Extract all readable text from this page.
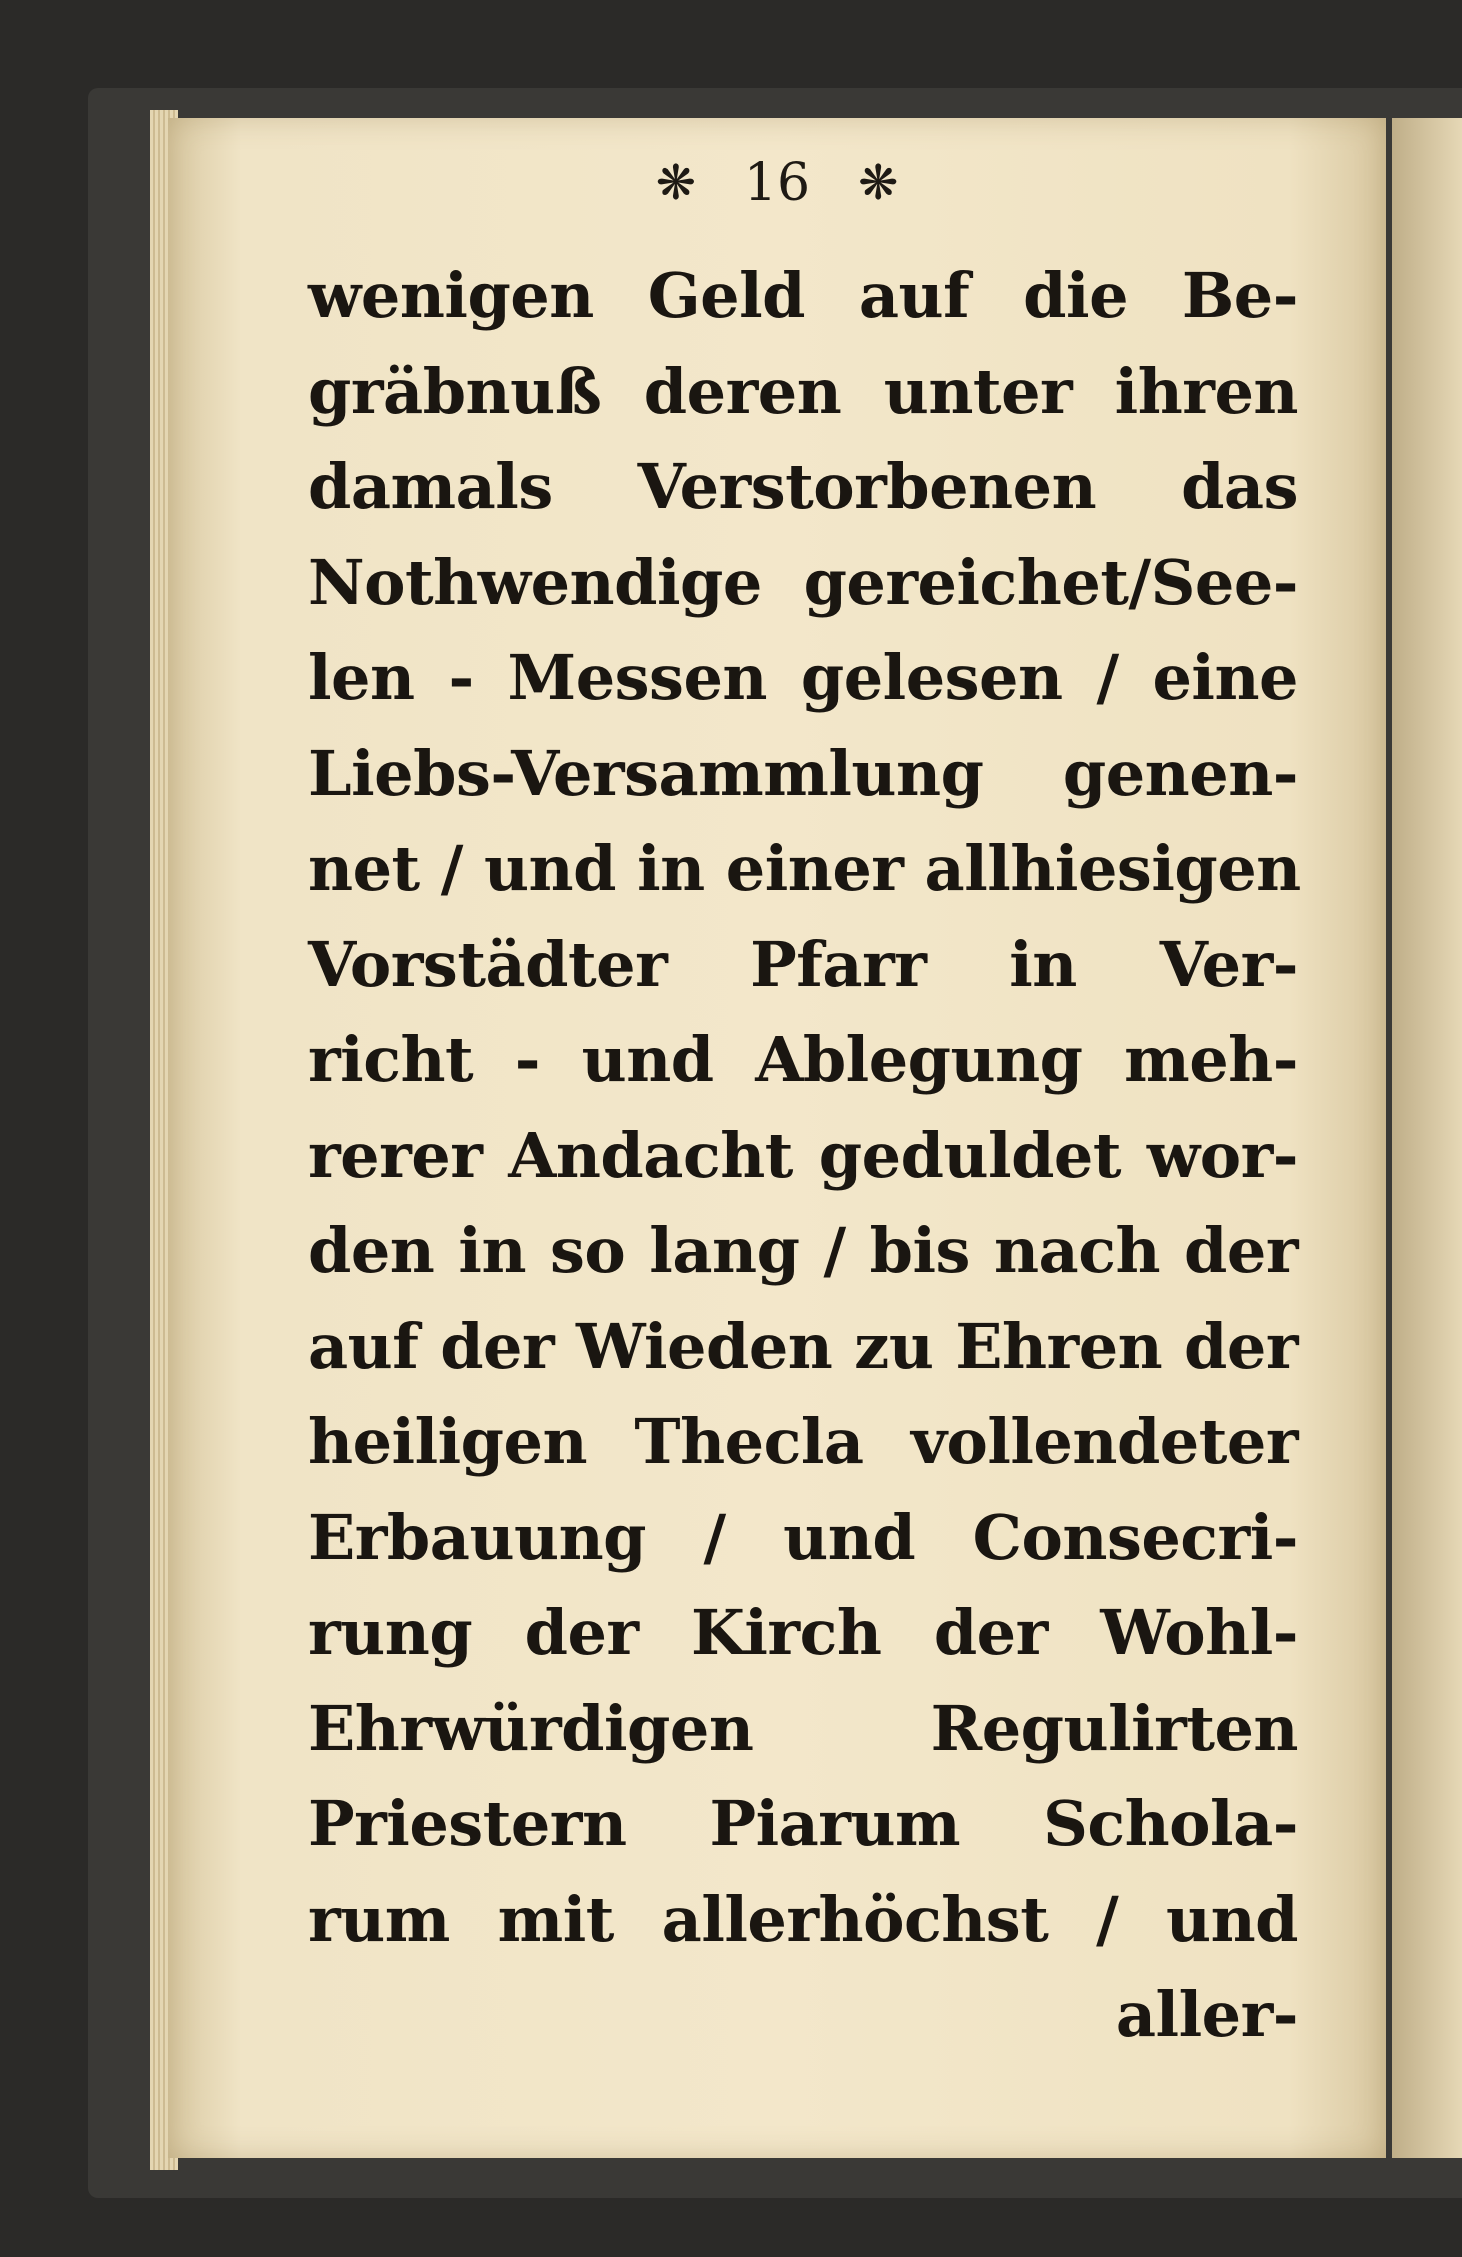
❋ 16 ❋
wenigen Geld auf die Be-
gräbnuß deren unter ihren
damals Verstorbenen das
Nothwendige gereichet/See-
len - Messen gelesen / eine
Liebs-Versammlung genen-
net / und in einer allhiesigen
Vorstädter Pfarr in Ver-
richt - und Ablegung meh-
rerer Andacht geduldet wor-
den in so lang / bis nach der
auf der Wieden zu Ehren der
heiligen Thecla vollendeter
Erbauung / und Consecri-
rung der Kirch der Wohl-
Ehrwürdigen Regulirten
Priestern Piarum Schola-
rum mit allerhöchst / und
aller-
